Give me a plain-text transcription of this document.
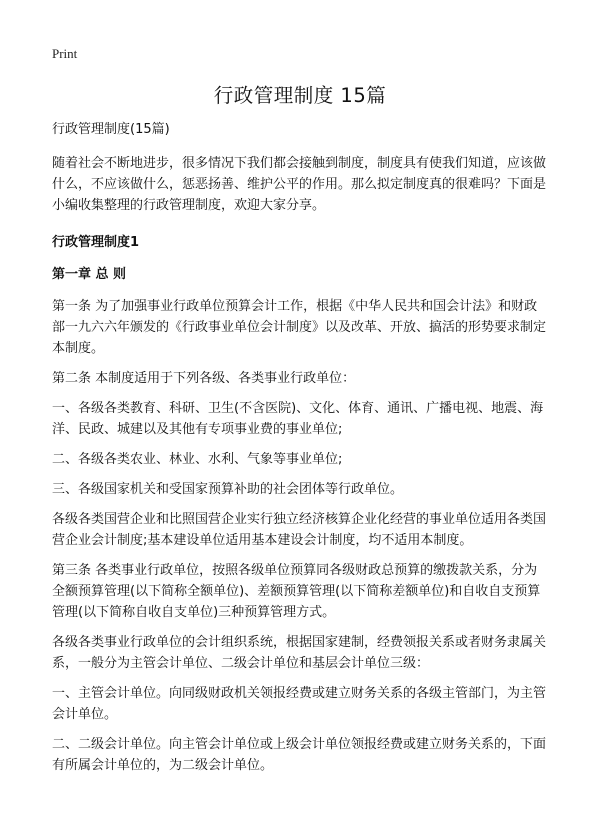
Print
行政管理制度 15篇

行政管理制度(15篇)

随着社会不断地进步，很多情况下我们都会接触到制度，制度具有使我们知道，应该做什么，不应该做什么，惩恶扬善、维护公平的作用。那么拟定制度真的很难吗？下面是小编收集整理的行政管理制度，欢迎大家分享。

行政管理制度1
第一章 总 则

第一条 为了加强事业行政单位预算会计工作，根据《中华人民共和国会计法》和财政部一九六六年颁发的《行政事业单位会计制度》以及改革、开放、搞活的形势要求制定本制度。

第二条 本制度适用于下列各级、各类事业行政单位：

一、各级各类教育、科研、卫生(不含医院)、文化、体育、通讯、广播电视、地震、海洋、民政、城建以及其他有专项事业费的事业单位;

二、各级各类农业、林业、水利、气象等事业单位;

三、各级国家机关和受国家预算补助的社会团体等行政单位。

各级各类国营企业和比照国营企业实行独立经济核算企业化经营的事业单位适用各类国营企业会计制度;基本建设单位适用基本建设会计制度，均不适用本制度。

第三条 各类事业行政单位，按照各级单位预算同各级财政总预算的缴拨款关系，分为全额预算管理(以下简称全额单位)、差额预算管理(以下简称差额单位)和自收自支预算管理(以下简称自收自支单位)三种预算管理方式。

各级各类事业行政单位的会计组织系统，根据国家建制，经费领报关系或者财务隶属关系，一般分为主管会计单位、二级会计单位和基层会计单位三级：

一、主管会计单位。向同级财政机关领报经费或建立财务关系的各级主管部门，为主管会计单位。

二、二级会计单位。向主管会计单位或上级会计单位领报经费或建立财务关系的，下面有所属会计单位的，为二级会计单位。
